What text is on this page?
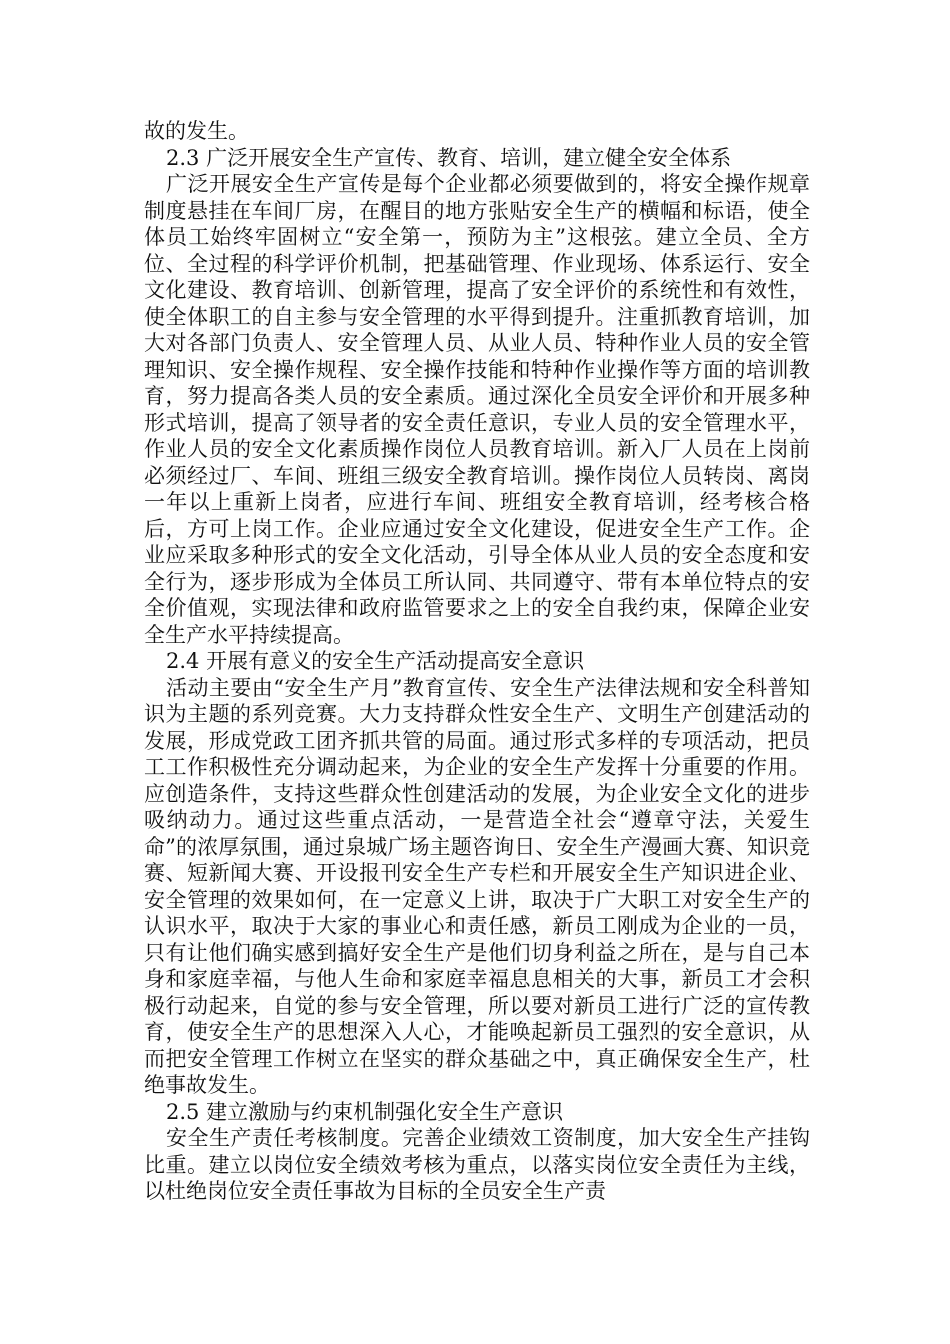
故的发生。

2.3 广泛开展安全生产宣传、教育、培训，建立健全安全体系

广泛开展安全生产宣传是每个企业都必须要做到的，将安全操作规章制度悬挂在车间厂房，在醒目的地方张贴安全生产的横幅和标语，使全体员工始终牢固树立“安全第一，预防为主”这根弦。建立全员、全方位、全过程的科学评价机制，把基础管理、作业现场、体系运行、安全文化建设、教育培训、创新管理，提高了安全评价的系统性和有效性，使全体职工的自主参与安全管理的水平得到提升。注重抓教育培训，加大对各部门负责人、安全管理人员、从业人员、特种作业人员的安全管理知识、安全操作规程、安全操作技能和特种作业操作等方面的培训教育，努力提高各类人员的安全素质。通过深化全员安全评价和开展多种形式培训，提高了领导者的安全责任意识，专业人员的安全管理水平，作业人员的安全文化素质操作岗位人员教育培训。新入厂人员在上岗前必须经过厂、车间、班组三级安全教育培训。操作岗位人员转岗、离岗一年以上重新上岗者，应进行车间、班组安全教育培训，经考核合格后，方可上岗工作。企业应通过安全文化建设，促进安全生产工作。企业应采取多种形式的安全文化活动，引导全体从业人员的安全态度和安全行为，逐步形成为全体员工所认同、共同遵守、带有本单位特点的安全价值观，实现法律和政府监管要求之上的安全自我约束，保障企业安全生产水平持续提高。

2.4 开展有意义的安全生产活动提高安全意识

活动主要由“安全生产月”教育宣传、安全生产法律法规和安全科普知识为主题的系列竞赛。大力支持群众性安全生产、文明生产创建活动的发展，形成党政工团齐抓共管的局面。通过形式多样的专项活动，把员工工作积极性充分调动起来，为企业的安全生产发挥十分重要的作用。应创造条件，支持这些群众性创建活动的发展，为企业安全文化的进步吸纳动力。通过这些重点活动，一是营造全社会“遵章守法，关爱生命”的浓厚氛围，通过泉城广场主题咨询日、安全生产漫画大赛、知识竞赛、短新闻大赛、开设报刊安全生产专栏和开展安全生产知识进企业、安全管理的效果如何，在一定意义上讲，取决于广大职工对安全生产的认识水平，取决于大家的事业心和责任感，新员工刚成为企业的一员，只有让他们确实感到搞好安全生产是他们切身利益之所在，是与自己本身和家庭幸福，与他人生命和家庭幸福息息相关的大事，新员工才会积极行动起来，自觉的参与安全管理，所以要对新员工进行广泛的宣传教育，使安全生产的思想深入人心，才能唤起新员工强烈的安全意识，从而把安全管理工作树立在坚实的群众基础之中，真正确保安全生产，杜绝事故发生。

2.5 建立激励与约束机制强化安全生产意识

安全生产责任考核制度。完善企业绩效工资制度，加大安全生产挂钩比重。建立以岗位安全绩效考核为重点，以落实岗位安全责任为主线，以杜绝岗位安全责任事故为目标的全员安全生产责
